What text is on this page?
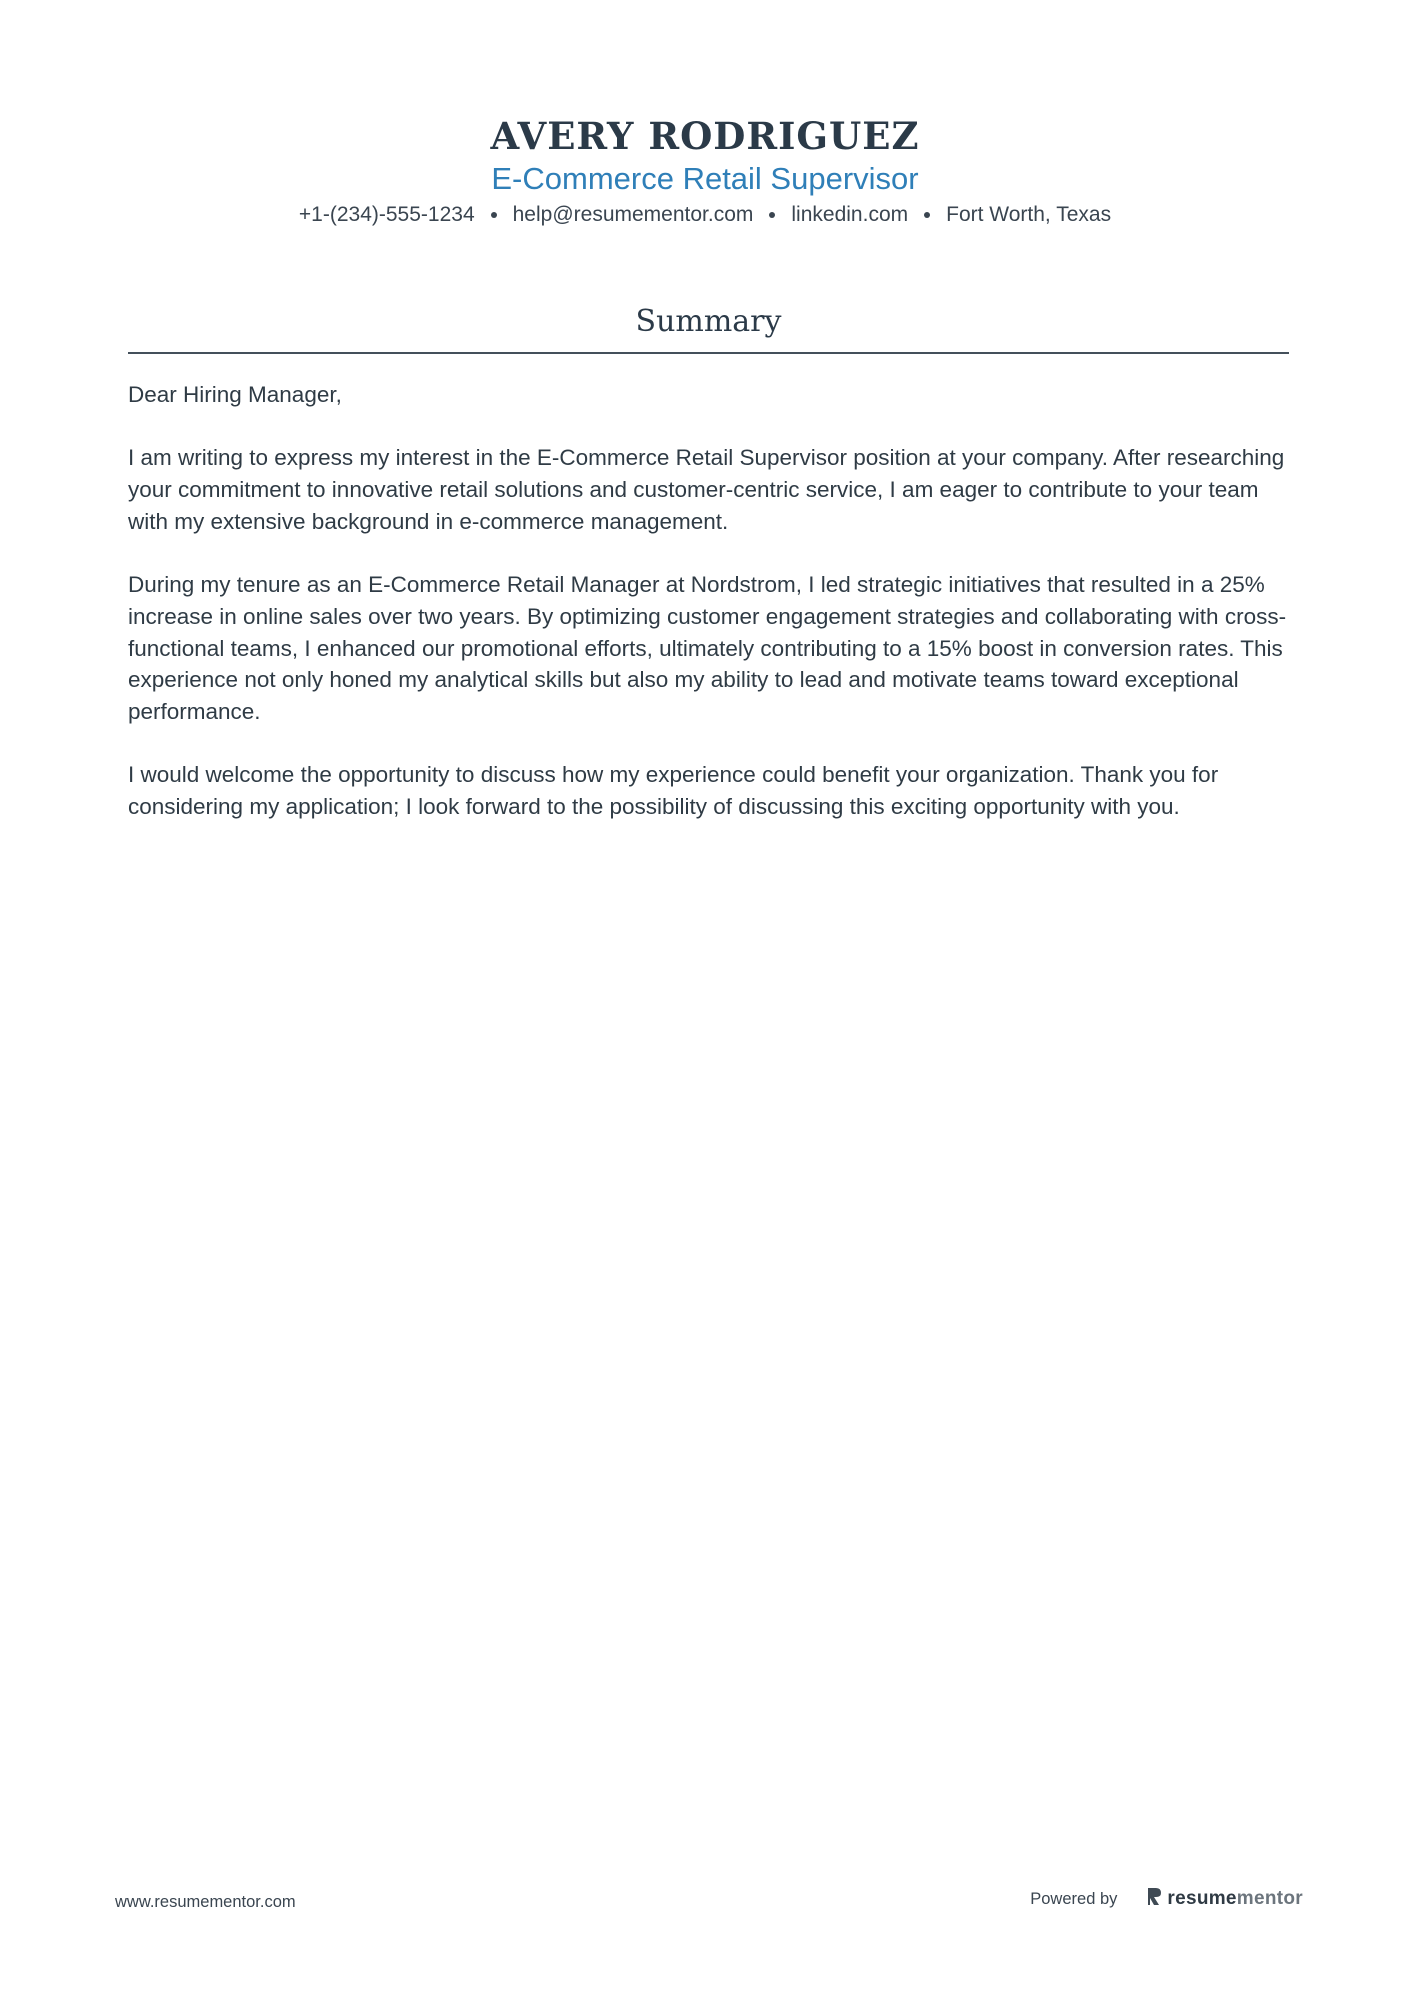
AVERY RODRIGUEZ
E-Commerce Retail Supervisor
+1-(234)-555-1234 help@resumementor.com linkedin.com Fort Worth, Texas
Summary

Dear Hiring Manager,

I am writing to express my interest in the E-Commerce Retail Supervisor position at your company. After researching your commitment to innovative retail solutions and customer-centric service, I am eager to contribute to your team with my extensive background in e-commerce management.

During my tenure as an E-Commerce Retail Manager at Nordstrom, I led strategic initiatives that resulted in a 25% increase in online sales over two years. By optimizing customer engagement strategies and collaborating with cross-functional teams, I enhanced our promotional efforts, ultimately contributing to a 15% boost in conversion rates. This experience not only honed my analytical skills but also my ability to lead and motivate teams toward exceptional performance.

I would welcome the opportunity to discuss how my experience could benefit your organization. Thank you for considering my application; I look forward to the possibility of discussing this exciting opportunity with you.

www.resumementor.com	Powered by	resume mentor
